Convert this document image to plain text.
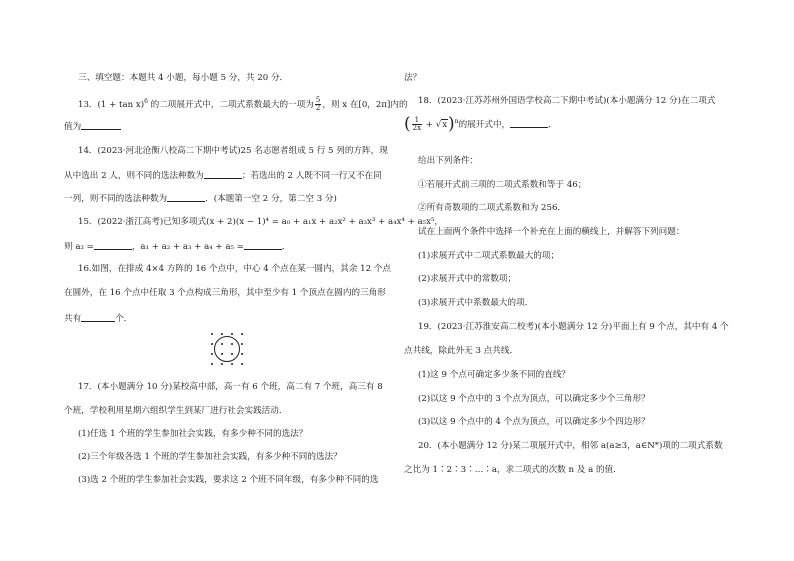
三、填空题：本题共 4 小题，每小题 5 分，共 20 分．
13．$(1 + \tan x)^6$ 的二项展开式中，二项式系数最大的一项为 $\frac{5}{2}$ ，则 x 在[0，2π]内的
值为
14．(2023·河北沧衡八校高二下期中考试)25 名志愿者组成 5 行 5 列的方阵，现
从中选出 2 人，则不同的选法种数为	；若选出的 2 人既不同一行又不在同
一列，则不同的选法种数为	．(本题第一空 2 分，第二空 3 分)
15．(2022·浙江高考)已知多项式(x + 2)(x − 1)⁴ = a₀ + a₁x + a₂x² + a₃x³ + a₄x⁴ + a₅x⁵，
则 a₂ =	，a₁ + a₂ + a₃ + a₄ + a₅ =	．
16.如图，在排成 4×4 方阵的 16 个点中，中心 4 个点在某一圆内，其余 12 个点
在圆外，在 16 个点中任取 3 个点构成三角形，其中至少有 1 个顶点在圆内的三角形
共有	个．
17．(本小题满分 10 分)某校高中部，高一有 6 个班，高二有 7 个班，高三有 8
个班，学校利用星期六组织学生到某厂进行社会实践活动．
(1)任选 1 个班的学生参加社会实践，有多少种不同的选法？
(2)三个年级各选 1 个班的学生参加社会实践，有多少种不同的选法？
(3)选 2 个班的学生参加社会实践，要求这 2 个班不同年级，有多少种不同的选
法？
18．(2023·江苏苏州外国语学校高二下期中考试)(本小题满分 12 分)在二项式
( $\frac{1}{2x} + √x)^n$的展开式中，	．
给出下列条件：
①若展开式前三项的二项式系数和等于 46；
②所有奇数项的二项式系数和为 256．
试在上面两个条件中选择一个补充在上面的横线上，并解答下列问题：
(1)求展开式中二项式系数最大的项；
(2)求展开式中的常数项；
(3)求展开式中系数最大的项．
19．(2023·江苏淮安高二校考)(本小题满分 12 分)平面上有 9 个点，其中有 4 个
点共线，除此外无 3 点共线．
(1)这 9 个点可确定多少条不同的直线？
(2)以这 9 个点中的 3 个点为顶点，可以确定多少个三角形？
(3)以这 9 个点中的 4 个点为顶点，可以确定多少个四边形？
20．(本小题满分 12 分)某二项展开式中，相邻 a(a≥3，a∈N*)项的二项式系数
之比为 1∶2∶3∶…∶a，求二项式的次数 n 及 a 的值．
